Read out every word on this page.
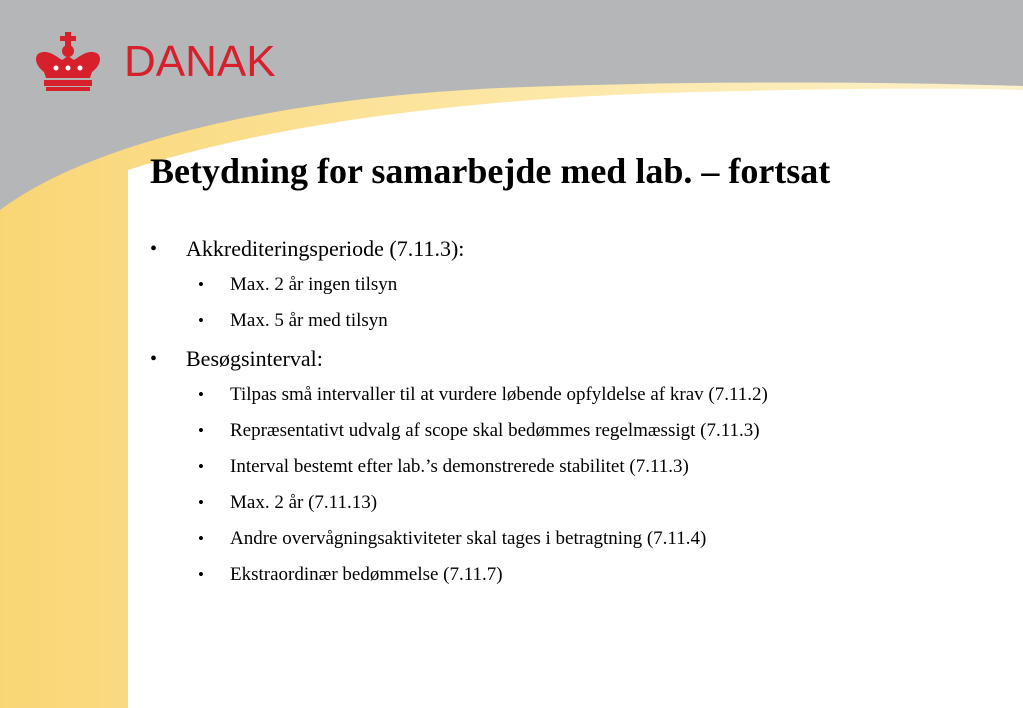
DANAK
Betydning for samarbejde med lab. – fortsat
• Akkrediteringsperiode (7.11.3):
• Max. 2 år ingen tilsyn
• Max. 5 år med tilsyn
• Besøgsinterval:
• Tilpas små intervaller til at vurdere løbende opfyldelse af krav (7.11.2)
• Repræsentativt udvalg af scope skal bedømmes regelmæssigt (7.11.3)
• Interval bestemt efter lab.’s demonstrerede stabilitet (7.11.3)
• Max. 2 år (7.11.13)
• Andre overvågningsaktiviteter skal tages i betragtning (7.11.4)
• Ekstraordinær bedømmelse (7.11.7)
